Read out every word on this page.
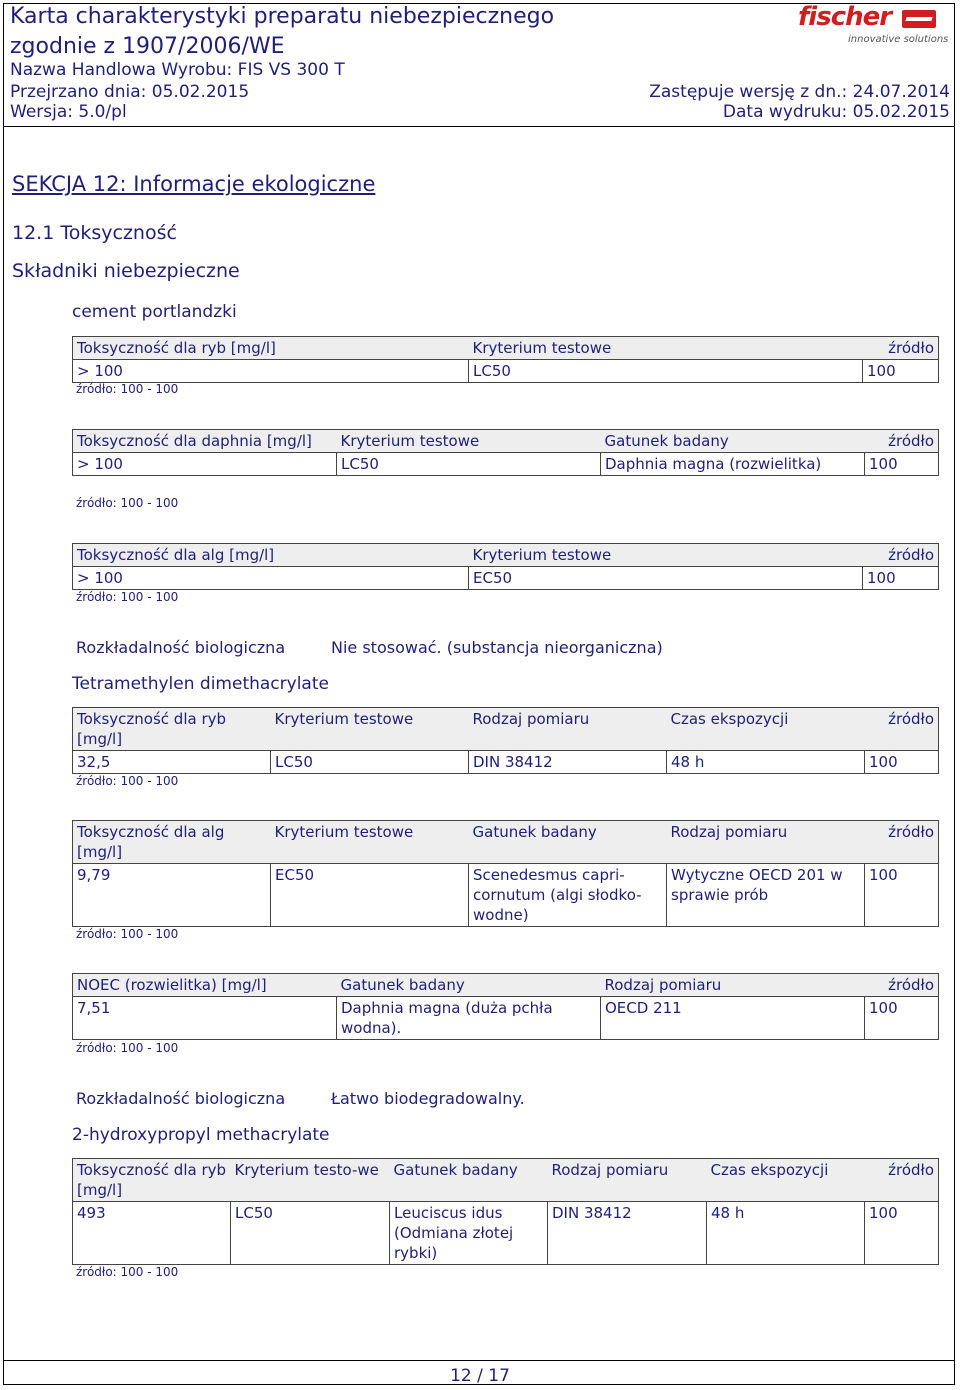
Karta charakterystyki preparatu niebezpiecznego
zgodnie z 1907/2006/WE
Nazwa Handlowa Wyrobu: FIS VS 300 T
Przejrzano dnia: 05.02.2015	Zastępuje wersję z dn.: 24.07.2014
Wersja: 5.0/pl	Data wydruku: 05.02.2015
fischer
innovative solutions
SEKCJA 12: Informacje ekologiczne
12.1 Toksyczność
Składniki niebezpieczne
cement portlandzki
Toksyczność dla ryb [mg/l]	Kryterium testowe	źródło
> 100	LC50	100
źródło: 100 - 100
Toksyczność dla daphnia [mg/l]	Kryterium testowe	Gatunek badany	źródło
> 100	LC50	Daphnia magna (rozwielitka)	100
źródło: 100 - 100
Toksyczność dla alg [mg/l]	Kryterium testowe	źródło
> 100	EC50	100
źródło: 100 - 100
Rozkładalność biologiczna	Nie stosować. (substancja nieorganiczna)
Tetramethylen dimethacrylate
Toksyczność dla ryb [mg/l]	Kryterium testowe	Rodzaj pomiaru	Czas ekspozycji	źródło
32,5	LC50	DIN 38412	48 h	100
źródło: 100 - 100
Toksyczność dla alg [mg/l]	Kryterium testowe	Gatunek badany	Rodzaj pomiaru	źródło
9,79	EC50	Scenedesmus capri-cornutum (algi słodko-wodne)	Wytyczne OECD 201 w sprawie prób	100
źródło: 100 - 100
NOEC (rozwielitka) [mg/l]	Gatunek badany	Rodzaj pomiaru	źródło
7,51	Daphnia magna (duża pchła wodna).	OECD 211	100
źródło: 100 - 100
Rozkładalność biologiczna	Łatwo biodegradowalny.
2-hydroxypropyl methacrylate
Toksyczność dla ryb [mg/l]	Kryterium testo-we	Gatunek badany	Rodzaj pomiaru	Czas ekspozycji	źródło
493	LC50	Leuciscus idus (Odmiana złotej rybki)	DIN 38412	48 h	100
źródło: 100 - 100
12 / 17
